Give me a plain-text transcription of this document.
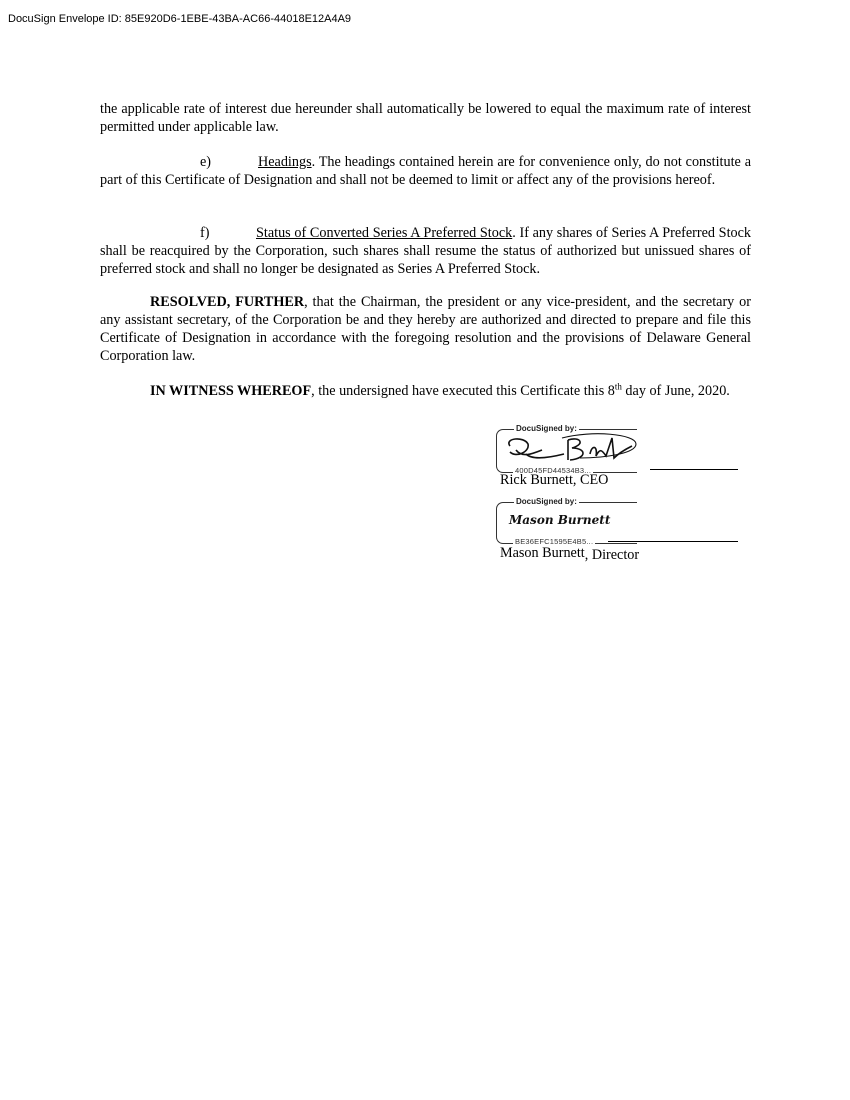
DocuSign Envelope ID: 85E920D6-1EBE-43BA-AC66-44018E12A4A9

the applicable rate of interest due hereunder shall automatically be lowered to equal the maximum rate of interest permitted under applicable law.

e)	Headings. The headings contained herein are for convenience only, do not constitute a part of this Certificate of Designation and shall not be deemed to limit or affect any of the provisions hereof.

f)	Status of Converted Series A Preferred Stock. If any shares of Series A Preferred Stock shall be reacquired by the Corporation, such shares shall resume the status of authorized but unissued shares of preferred stock and shall no longer be designated as Series A Preferred Stock.

RESOLVED, FURTHER, that the Chairman, the president or any vice-president, and the secretary or any assistant secretary, of the Corporation be and they hereby are authorized and directed to prepare and file this Certificate of Designation in accordance with the foregoing resolution and the provisions of Delaware General Corporation law.

IN WITNESS WHEREOF, the undersigned have executed this Certificate this 8th day of June, 2020.

DocuSigned by:
400D45FD44534B3...
Rick Burnett, CEO
DocuSigned by:
Mason Burnett
BE36EFC1595E4B5...
Mason Burnett, Director
